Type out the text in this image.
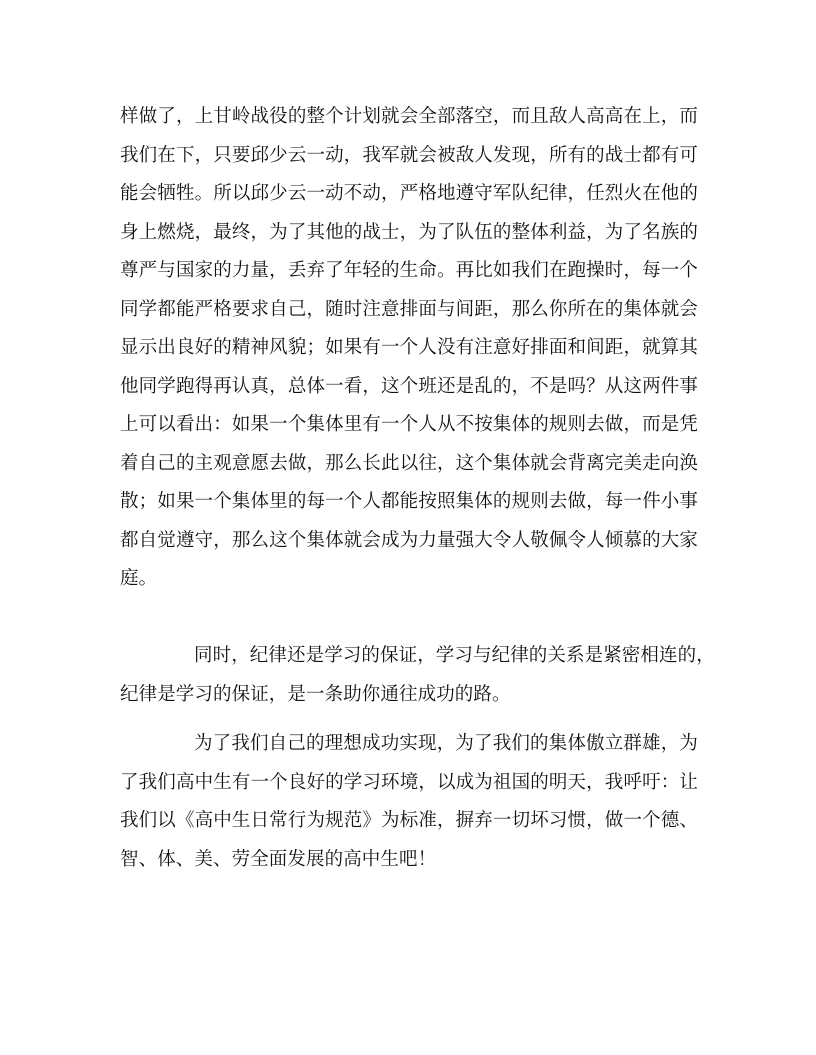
样做了，上甘岭战役的整个计划就会全部落空，而且敌人高高在上，而
我们在下，只要邱少云一动，我军就会被敌人发现，所有的战士都有可
能会牺牲。所以邱少云一动不动，严格地遵守军队纪律，任烈火在他的
身上燃烧，最终，为了其他的战士，为了队伍的整体利益，为了名族的
尊严与国家的力量，丢弃了年轻的生命。再比如我们在跑操时，每一个
同学都能严格要求自己，随时注意排面与间距，那么你所在的集体就会
显示出良好的精神风貌；如果有一个人没有注意好排面和间距，就算其
他同学跑得再认真，总体一看，这个班还是乱的，不是吗？从这两件事
上可以看出：如果一个集体里有一个人从不按集体的规则去做，而是凭
着自己的主观意愿去做，那么长此以往，这个集体就会背离完美走向涣
散；如果一个集体里的每一个人都能按照集体的规则去做，每一件小事
都自觉遵守，那么这个集体就会成为力量强大令人敬佩令人倾慕的大家
庭。
同时，纪律还是学习的保证，学习与纪律的关系是紧密相连的，
纪律是学习的保证，是一条助你通往成功的路。
为了我们自己的理想成功实现，为了我们的集体傲立群雄，为
了我们高中生有一个良好的学习环境，以成为祖国的明天，我呼吁：让
我们以《高中生日常行为规范》为标准，摒弃一切坏习惯，做一个德、
智、体、美、劳全面发展的高中生吧！
